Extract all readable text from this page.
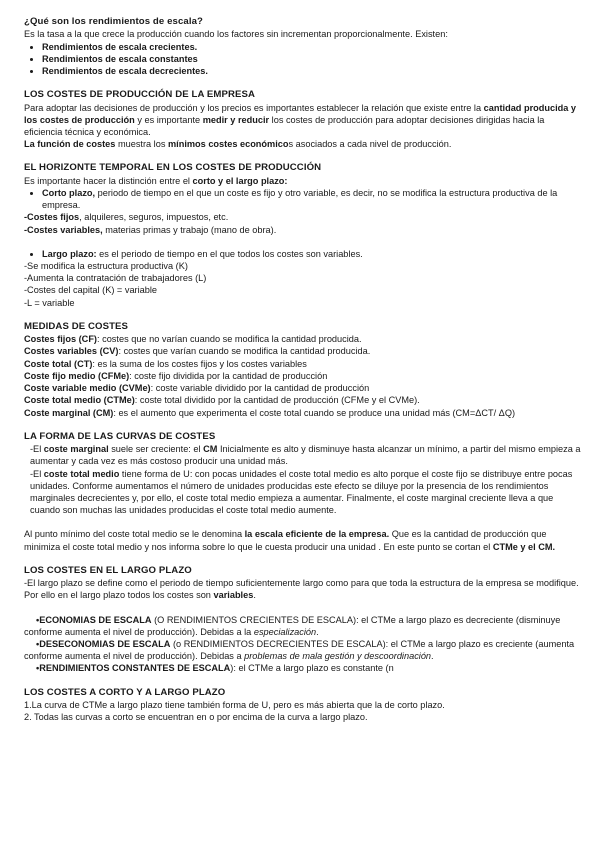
¿Qué son los rendimientos de escala?

Es la tasa a la que crece la producción cuando los factores sin incrementan proporcionalmente. Existen:

• Rendimientos de escala crecientes.
• Rendimientos de escala constantes
• Rendimientos de escala decrecientes.
LOS COSTES DE PRODUCCIÓN DE LA EMPRESA

Para adoptar las decisiones de producción y los precios es importantes establecer la relación que existe entre la cantidad producida y los costes de producción y es importante medir y reducir los costes de producción para adoptar decisiones dirigidas hacia la eficiencia técnica y económica.

La función de costes muestra los mínimos costes económicos asociados a cada nivel de producción.

EL HORIZONTE TEMPORAL EN LOS COSTES DE PRODUCCIÓN

Es importante hacer la distinción entre el corto y el largo plazo:

• Corto plazo, periodo de tiempo en el que un coste es fijo y otro variable, es decir, no se modifica la estructura productiva de la empresa.

-Costes fijos, alquileres, seguros, impuestos, etc.

-Costes variables, materias primas y trabajo (mano de obra).

• Largo plazo: es el periodo de tiempo en el que todos los costes son variables.

-Se modifica la estructura productiva (K)

-Aumenta la contratación de trabajadores (L)

-Costes del capital (K) = variable

-L = variable

MEDIDAS DE COSTES

Costes fijos (CF): costes que no varían cuando se modifica la cantidad producida.

Costes variables (CV): costes que varían cuando se modifica la cantidad producida.

Coste total (CT): es la suma de los costes fijos y los costes variables

Coste fijo medio (CFMe): coste fijo dividida por la cantidad de producción

Coste variable medio (CVMe): coste variable dividido por la cantidad de producción

Coste total medio (CTMe): coste total dividido por la cantidad de producción (CFMe y el CVMe).

Coste marginal (CM): es el aumento que experimenta el coste total cuando se produce una unidad más (CM=ΔCT/ ΔQ)

LA FORMA DE LAS CURVAS DE COSTES

-El coste marginal suele ser creciente: el CM Inicialmente es alto y disminuye hasta alcanzar un mínimo, a partir del mismo empieza a aumentar y cada vez es más costoso producir una unidad más.

-El coste total medio tiene forma de U: con pocas unidades el coste total medio es alto porque el coste fijo se distribuye entre pocas unidades. Conforme aumentamos el número de unidades producidas este efecto se diluye por la presencia de los rendimientos marginales decrecientes y, por ello, el coste total medio empieza a aumentar. Finalmente, el coste marginal creciente lleva a que cuando son muchas las unidades producidas el coste total medio aumente.

Al punto mínimo del coste total medio se le denomina la escala eficiente de la empresa. Que es la cantidad de producción que minimiza el coste total medio y nos informa sobre lo que le cuesta producir una unidad . En este punto se cortan el CTMe y el CM.

LOS COSTES EN EL LARGO PLAZO

-El largo plazo se define como el periodo de tiempo suficientemente largo como para que toda la estructura de la empresa se modifique. Por ello en el largo plazo todos los costes son variables.

•ECONOMIAS DE ESCALA (O RENDIMIENTOS CRECIENTES DE ESCALA): el CTMe a largo plazo es decreciente (disminuye conforme aumenta el nivel de producción). Debidas a la especialización.

•DESECONOMIAS DE ESCALA (o RENDIMIENTOS DECRECIENTES DE ESCALA): el CTMe a largo plazo es creciente (aumenta conforme aumenta el nivel de producción). Debidas a problemas de mala gestión y descoordinación.

•RENDIMIENTOS CONSTANTES DE ESCALA): el CTMe a largo plazo es constante (n

LOS COSTES A CORTO Y A LARGO PLAZO

1.La curva de CTMe a largo plazo tiene también forma de U, pero es más abierta que la de corto plazo.

2. Todas las curvas a corto se encuentran en o por encima de la curva a largo plazo.
